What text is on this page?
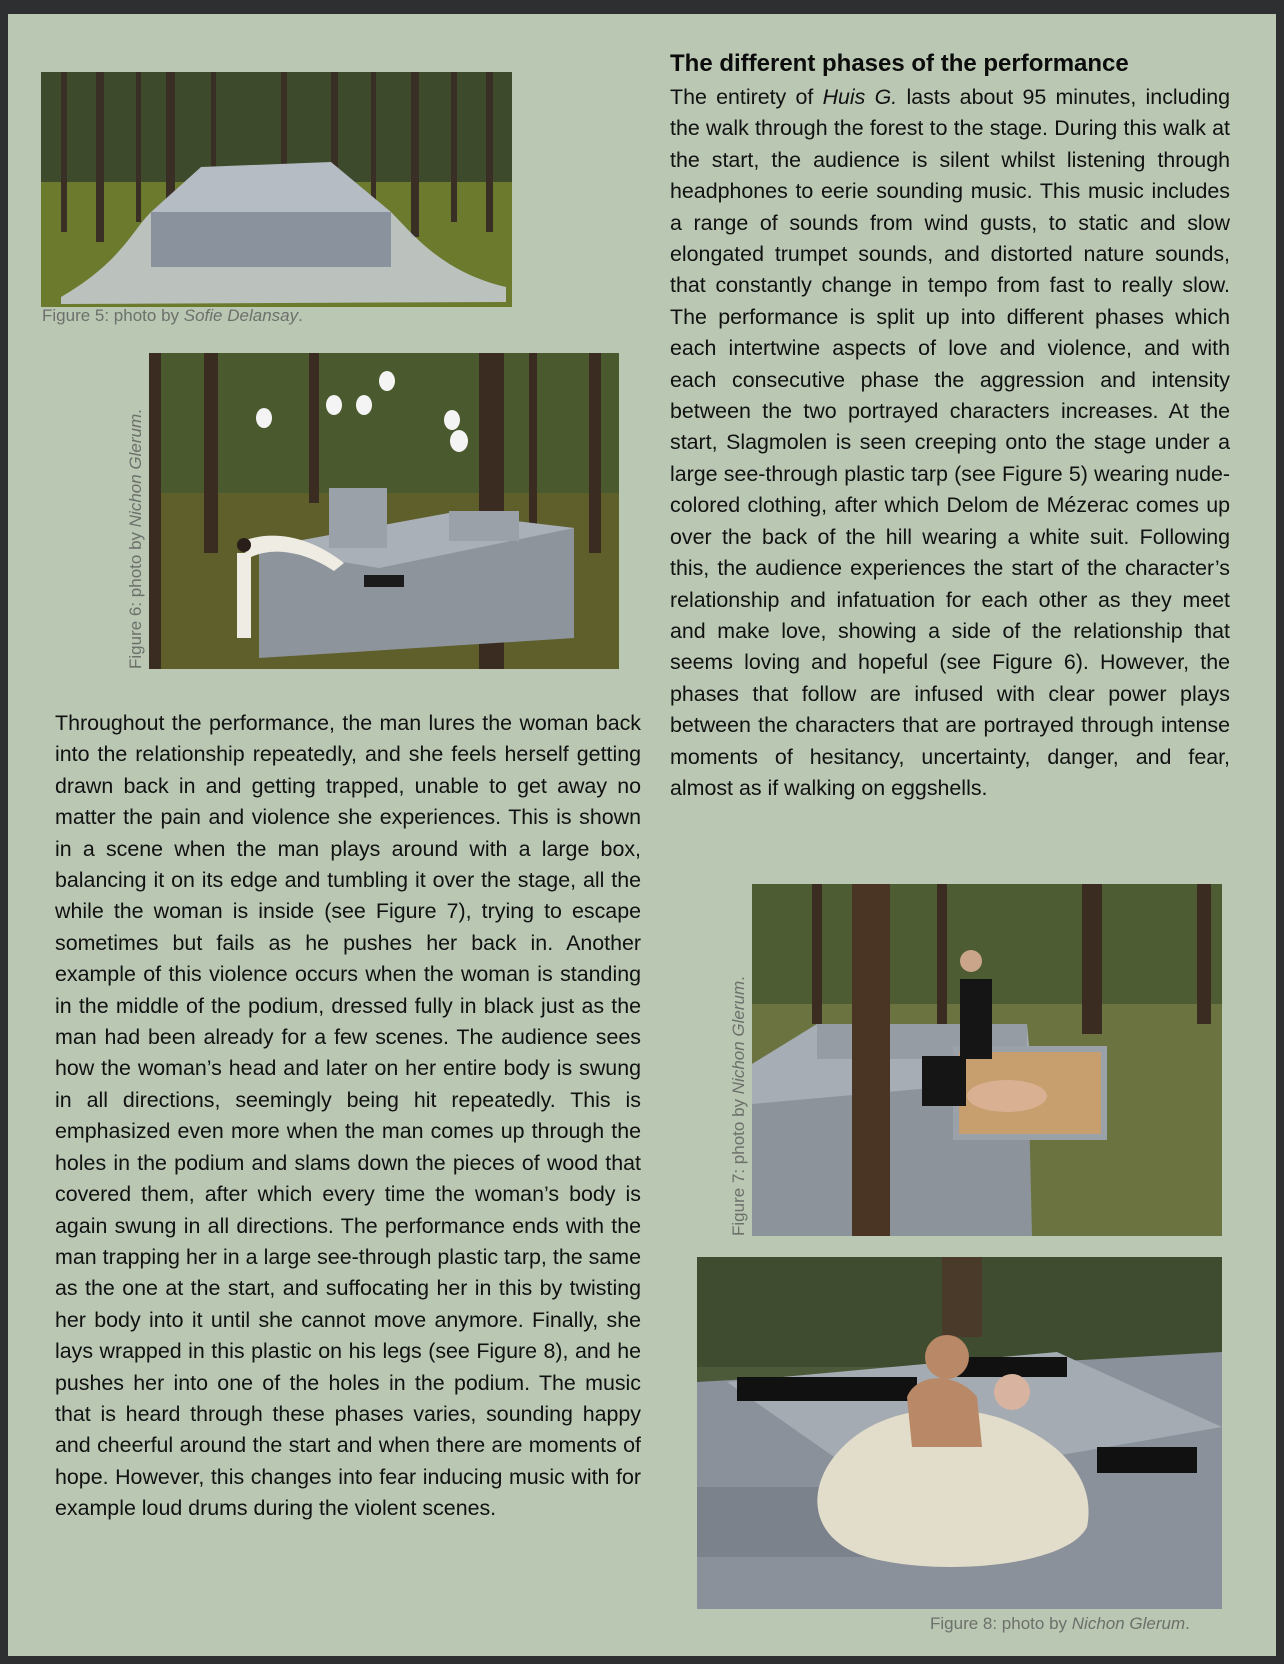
Figure 5: photo by Sofie Delansay.
Figure 6: photo by Nichon Glerum.
The different phases of the performance

The entirety of Huis G. lasts about 95 minutes, including the walk through the forest to the stage. During this walk at the start, the audience is silent whilst listening through headphones to eerie sounding music. This music includes a range of sounds from wind gusts, to static and slow elongated trumpet sounds, and distorted nature sounds, that constantly change in tempo from fast to really slow. The performance is split up into different phases which each intertwine aspects of love and violence, and with each consecutive phase the aggression and intensity between the two portrayed characters increases. At the start, Slagmolen is seen creeping onto the stage under a large see-through plastic tarp (see Figure 5) wearing nude-colored clothing, after which Delom de Mézerac comes up over the back of the hill wearing a white suit. Following this, the audience experiences the start of the character’s relationship and infatuation for each other as they meet and make love, showing a side of the relationship that seems loving and hopeful (see Figure 6). However, the phases that follow are infused with clear power plays between the characters that are portrayed through intense moments of hesitancy, uncertainty, danger, and fear, almost as if walking on eggshells.

Throughout the performance, the man lures the woman back into the relationship repeatedly, and she feels herself getting drawn back in and getting trapped, unable to get away no matter the pain and violence she experiences. This is shown in a scene when the man plays around with a large box, balancing it on its edge and tumbling it over the stage, all the while the woman is inside (see Figure 7), trying to escape sometimes but fails as he pushes her back in. Another example of this violence occurs when the woman is standing in the middle of the podium, dressed fully in black just as the man had been already for a few scenes. The audience sees how the woman’s head and later on her entire body is swung in all directions, seemingly being hit repeatedly. This is emphasized even more when the man comes up through the holes in the podium and slams down the pieces of wood that covered them, after which every time the woman’s body is again swung in all directions. The performance ends with the man trapping her in a large see-through plastic tarp, the same as the one at the start, and suffocating her in this by twisting her body into it until she cannot move anymore. Finally, she lays wrapped in this plastic on his legs (see Figure 8), and he pushes her into one of the holes in the podium. The music that is heard through these phases varies, sounding happy and cheerful around the start and when there are moments of hope. However, this changes into fear inducing music with for example loud drums during the violent scenes.

Figure 7: photo by Nichon Glerum.
Figure 8: photo by Nichon Glerum.
